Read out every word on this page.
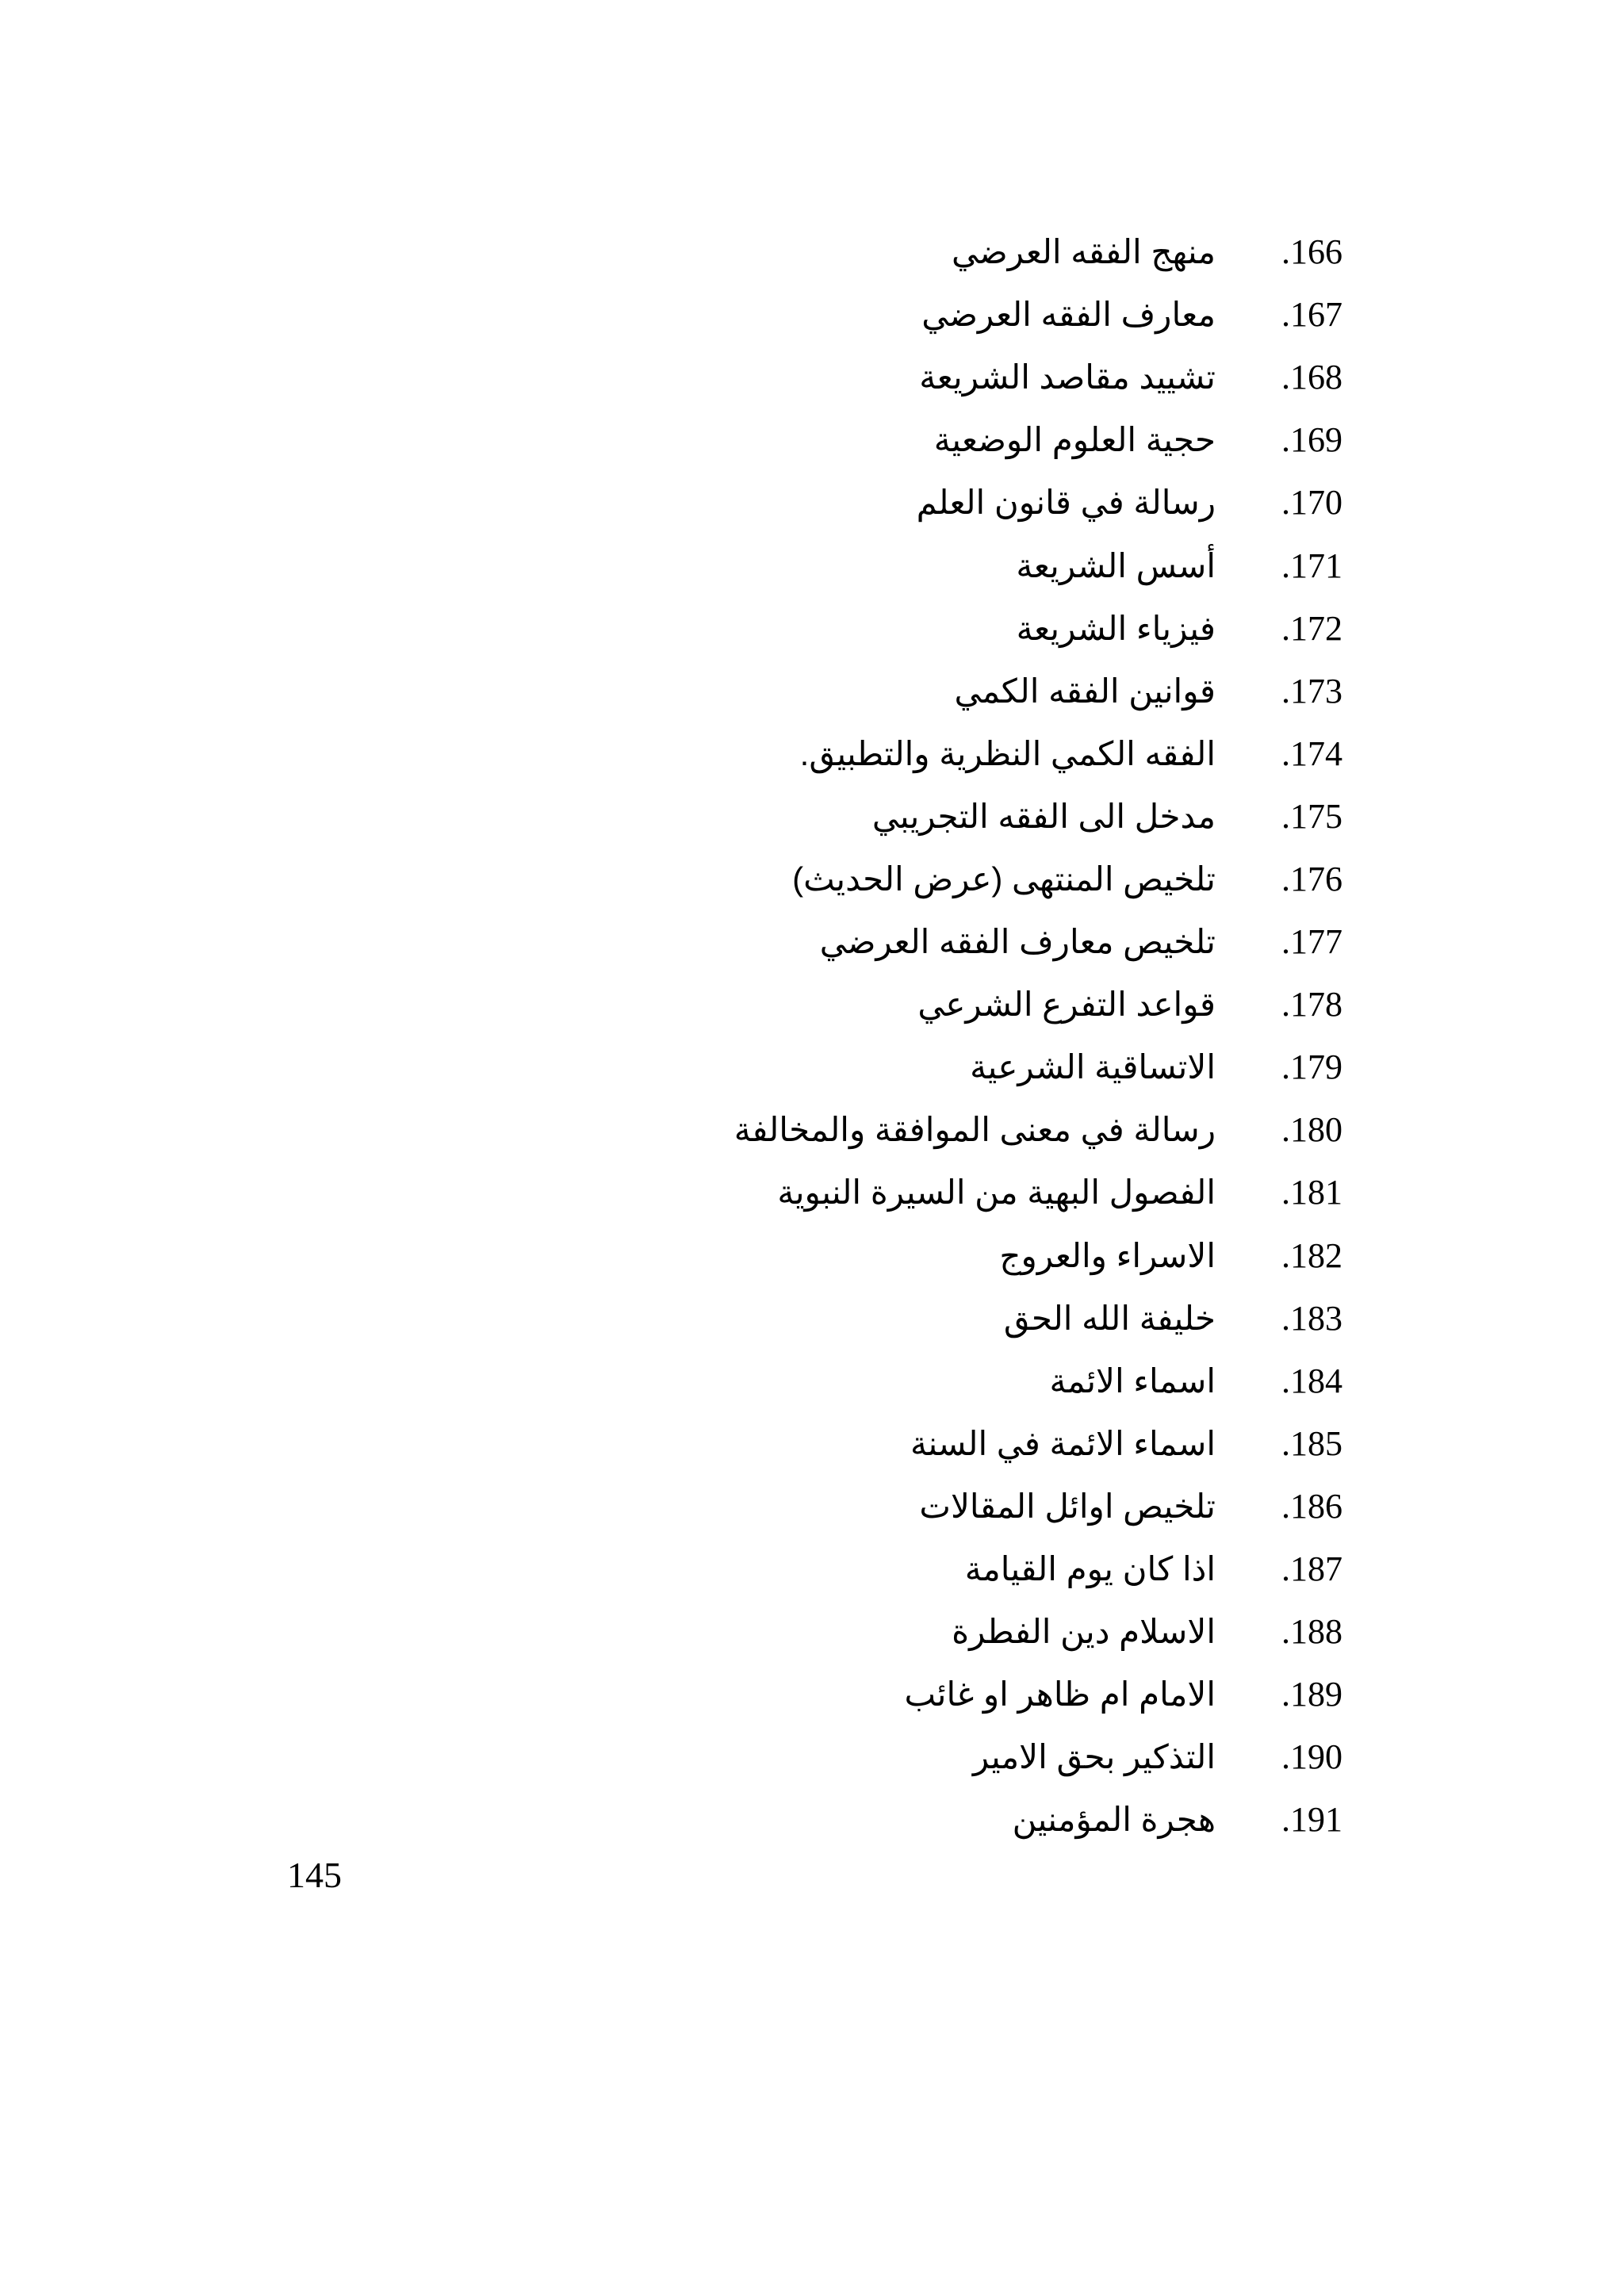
منهج الفقه العرضي	.166
معارف الفقه العرضي	.167
تشييد مقاصد الشريعة	.168
حجية العلوم الوضعية	.169
رسالة في قانون العلم	.170
أسس الشريعة	.171
فيزياء الشريعة	.172
قوانين الفقه الكمي	.173
الفقه الكمي النظرية والتطبيق.	.174
مدخل الى الفقه التجريبي	.175
تلخيص المنتهى (عرض الحديث)	.176
تلخيص معارف الفقه العرضي	.177
قواعد التفرع الشرعي	.178
الاتساقية الشرعية	.179
رسالة في معنى الموافقة والمخالفة	.180
الفصول البهية من السيرة النبوية	.181
الاسراء والعروج	.182
خليفة الله الحق	.183
اسماء الائمة	.184
اسماء الائمة في السنة	.185
تلخيص اوائل المقالات	.186
اذا كان يوم القيامة	.187
الاسلام دين الفطرة	.188
الامام ام ظاهر او غائب	.189
التذكير بحق الامير	.190
هجرة المؤمنين	.191
145
